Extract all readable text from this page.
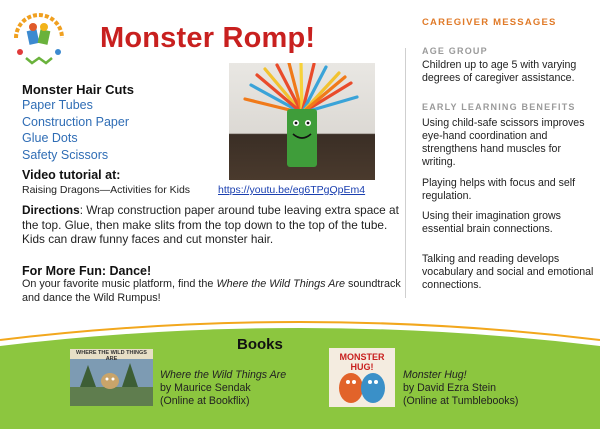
Monster Romp!
Monster Hair Cuts
Paper Tubes
Construction Paper
Glue Dots
Safety Scissors
Video tutorial at:
Raising Dragons—Activities for Kids	https://youtu.be/eg6TPgQpEm4
Directions: Wrap construction paper around tube leaving extra space at the top. Glue, then make slits from the top down to the top of the tube. Kids can draw funny faces and cut monster hair.
For More Fun: Dance!
On your favorite music platform, find the Where the Wild Things Are soundtrack and dance the Wild Rumpus!
CAREGIVER MESSAGES
AGE GROUP
Children up to age 5 with varying degrees of caregiver assistance.
EARLY LEARNING BENEFITS
Using child-safe scissors improves eye-hand coordination and strengthens hand muscles for writing.
Playing helps with focus and self regulation.
Using their imagination grows essential brain connections.
Talking and reading develops vocabulary and social and emotional connections.
Books
WHERE THE WILD THINGS ARE
Where the Wild Things Are
by Maurice Sendak
(Online at Bookflix)
MONSTER HUG!
Monster Hug!
by David Ezra Stein
(Online at Tumblebooks)
